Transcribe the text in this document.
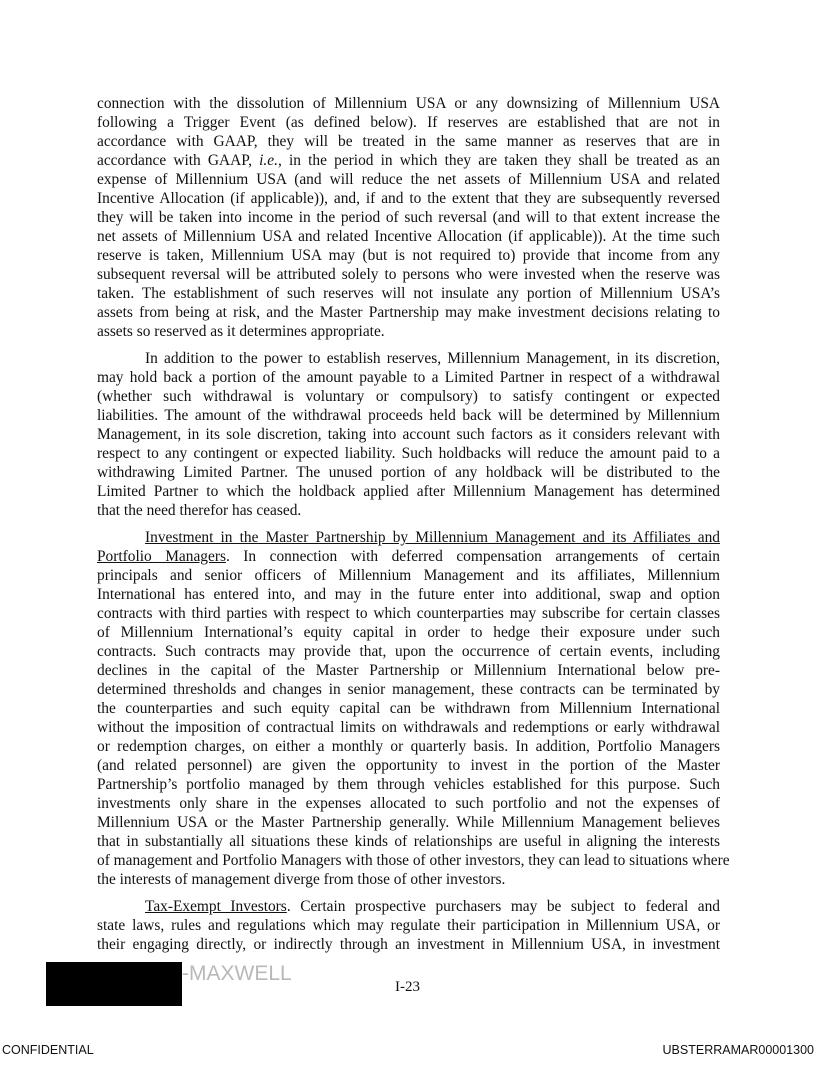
connection with the dissolution of Millennium USA or any downsizing of Millennium USA
following a Trigger Event (as defined below). If reserves are established that are not in
accordance with GAAP, they will be treated in the same manner as reserves that are in
accordance with GAAP, i.e., in the period in which they are taken they shall be treated as an
expense of Millennium USA (and will reduce the net assets of Millennium USA and related
Incentive Allocation (if applicable)), and, if and to the extent that they are subsequently reversed
they will be taken into income in the period of such reversal (and will to that extent increase the
net assets of Millennium USA and related Incentive Allocation (if applicable)). At the time such
reserve is taken, Millennium USA may (but is not required to) provide that income from any
subsequent reversal will be attributed solely to persons who were invested when the reserve was
taken. The establishment of such reserves will not insulate any portion of Millennium USA’s
assets from being at risk, and the Master Partnership may make investment decisions relating to
assets so reserved as it determines appropriate.
In addition to the power to establish reserves, Millennium Management, in its discretion,
may hold back a portion of the amount payable to a Limited Partner in respect of a withdrawal
(whether such withdrawal is voluntary or compulsory) to satisfy contingent or expected
liabilities. The amount of the withdrawal proceeds held back will be determined by Millennium
Management, in its sole discretion, taking into account such factors as it considers relevant with
respect to any contingent or expected liability. Such holdbacks will reduce the amount paid to a
withdrawing Limited Partner. The unused portion of any holdback will be distributed to the
Limited Partner to which the holdback applied after Millennium Management has determined
that the need therefor has ceased.
Investment in the Master Partnership by Millennium Management and its Affiliates and
Portfolio Managers. In connection with deferred compensation arrangements of certain
principals and senior officers of Millennium Management and its affiliates, Millennium
International has entered into, and may in the future enter into additional, swap and option
contracts with third parties with respect to which counterparties may subscribe for certain classes
of Millennium International’s equity capital in order to hedge their exposure under such
contracts. Such contracts may provide that, upon the occurrence of certain events, including
declines in the capital of the Master Partnership or Millennium International below pre-
determined thresholds and changes in senior management, these contracts can be terminated by
the counterparties and such equity capital can be withdrawn from Millennium International
without the imposition of contractual limits on withdrawals and redemptions or early withdrawal
or redemption charges, on either a monthly or quarterly basis. In addition, Portfolio Managers
(and related personnel) are given the opportunity to invest in the portion of the Master
Partnership’s portfolio managed by them through vehicles established for this purpose. Such
investments only share in the expenses allocated to such portfolio and not the expenses of
Millennium USA or the Master Partnership generally. While Millennium Management believes
that in substantially all situations these kinds of relationships are useful in aligning the interests
of management and Portfolio Managers with those of other investors, they can lead to situations where
the interests of management diverge from those of other investors.
Tax-Exempt Investors. Certain prospective purchasers may be subject to federal and
state laws, rules and regulations which may regulate their participation in Millennium USA, or
their engaging directly, or indirectly through an investment in Millennium USA, in investment
-MAXWELL
I-23
CONFIDENTIAL	UBSTERRAMAR00001300
